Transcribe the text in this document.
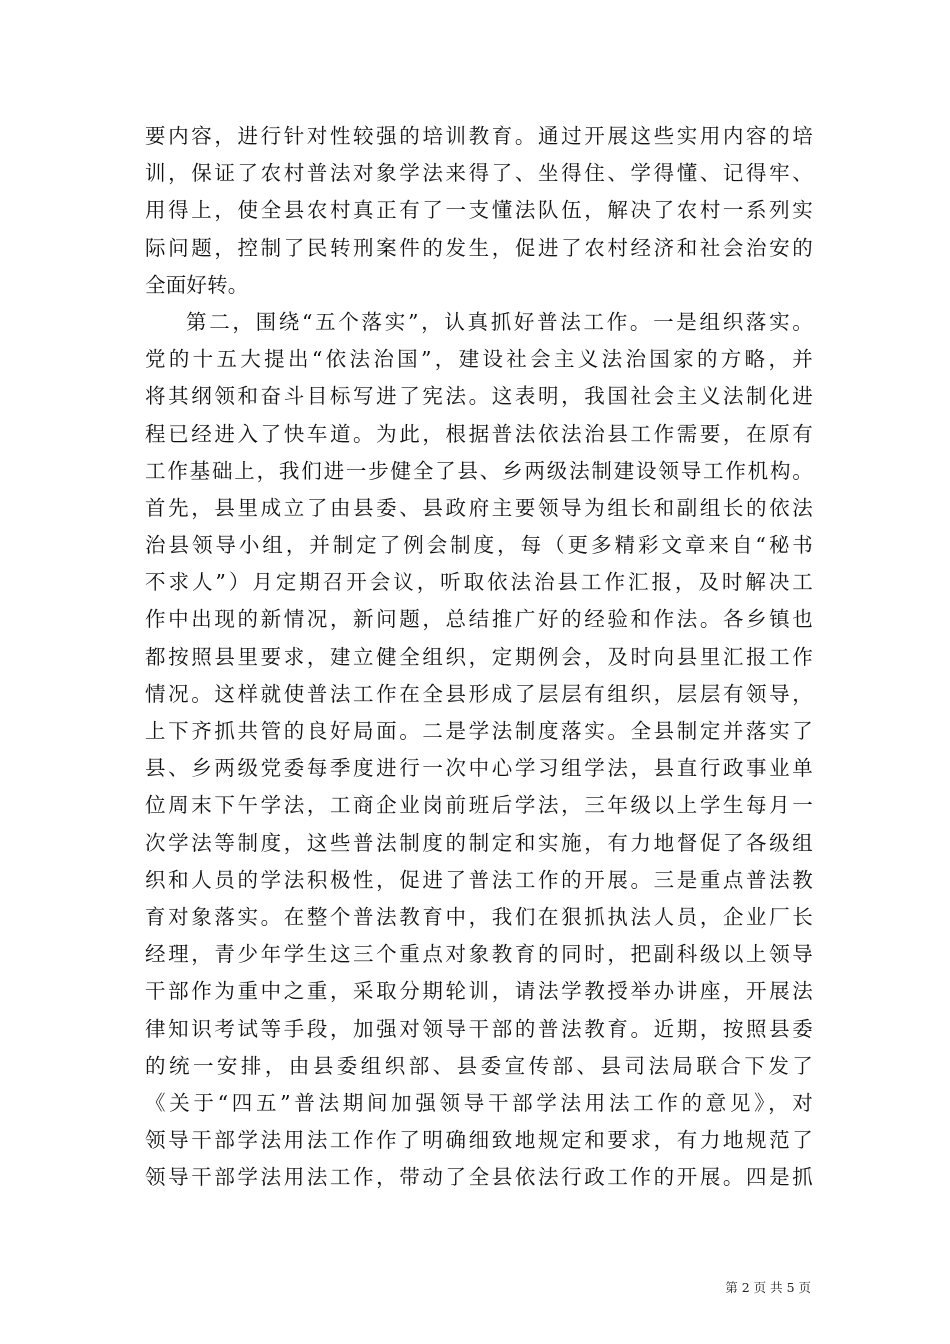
要内容，进行针对性较强的培训教育。通过开展这些实用内容的培
训，保证了农村普法对象学法来得了、坐得住、学得懂、记得牢、
用得上，使全县农村真正有了一支懂法队伍，解决了农村一系列实
际问题，控制了民转刑案件的发生，促进了农村经济和社会治安的
全面好转。
第二，围绕“五个落实”，认真抓好普法工作。一是组织落实。
党的十五大提出“依法治国”，建设社会主义法治国家的方略，并
将其纲领和奋斗目标写进了宪法。这表明，我国社会主义法制化进
程已经进入了快车道。为此，根据普法依法治县工作需要，在原有
工作基础上，我们进一步健全了县、乡两级法制建设领导工作机构。
首先，县里成立了由县委、县政府主要领导为组长和副组长的依法
治县领导小组，并制定了例会制度，每（更多精彩文章来自“秘书
不求人”）月定期召开会议，听取依法治县工作汇报，及时解决工
作中出现的新情况，新问题，总结推广好的经验和作法。各乡镇也
都按照县里要求，建立健全组织，定期例会，及时向县里汇报工作
情况。这样就使普法工作在全县形成了层层有组织，层层有领导，
上下齐抓共管的良好局面。二是学法制度落实。全县制定并落实了
县、乡两级党委每季度进行一次中心学习组学法，县直行政事业单
位周末下午学法，工商企业岗前班后学法，三年级以上学生每月一
次学法等制度，这些普法制度的制定和实施，有力地督促了各级组
织和人员的学法积极性，促进了普法工作的开展。三是重点普法教
育对象落实。在整个普法教育中，我们在狠抓执法人员，企业厂长
经理，青少年学生这三个重点对象教育的同时，把副科级以上领导
干部作为重中之重，采取分期轮训，请法学教授举办讲座，开展法
律知识考试等手段，加强对领导干部的普法教育。近期，按照县委
的统一安排，由县委组织部、县委宣传部、县司法局联合下发了
《关于“四五”普法期间加强领导干部学法用法工作的意见》，对
领导干部学法用法工作作了明确细致地规定和要求，有力地规范了
领导干部学法用法工作，带动了全县依法行政工作的开展。四是抓
第 2 页 共 5 页
